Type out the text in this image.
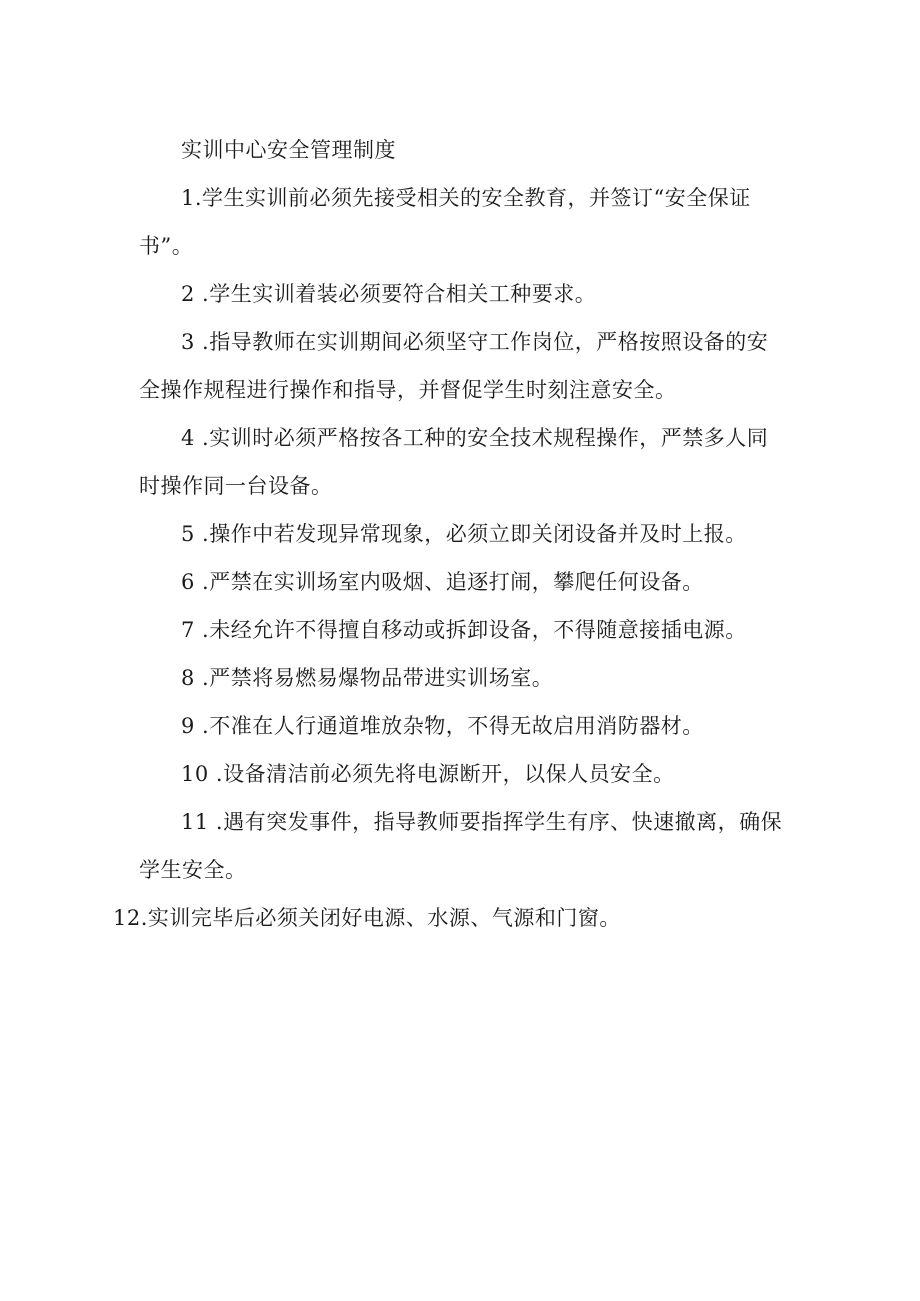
实训中心安全管理制度
1.学生实训前必须先接受相关的安全教育，并签订“安全保证
书”。
2 .学生实训着装必须要符合相关工种要求。
3 .指导教师在实训期间必须坚守工作岗位，严格按照设备的安
全操作规程进行操作和指导，并督促学生时刻注意安全。
4 .实训时必须严格按各工种的安全技术规程操作，严禁多人同
时操作同一台设备。
5 .操作中若发现异常现象，必须立即关闭设备并及时上报。
6 .严禁在实训场室内吸烟、追逐打闹，攀爬任何设备。
7 .未经允许不得擅自移动或拆卸设备，不得随意接插电源。
8 .严禁将易燃易爆物品带进实训场室。
9 .不准在人行通道堆放杂物，不得无故启用消防器材。
10 .设备清洁前必须先将电源断开，以保人员安全。
11 .遇有突发事件，指导教师要指挥学生有序、快速撤离，确保
学生安全。
12.实训完毕后必须关闭好电源、水源、气源和门窗。
